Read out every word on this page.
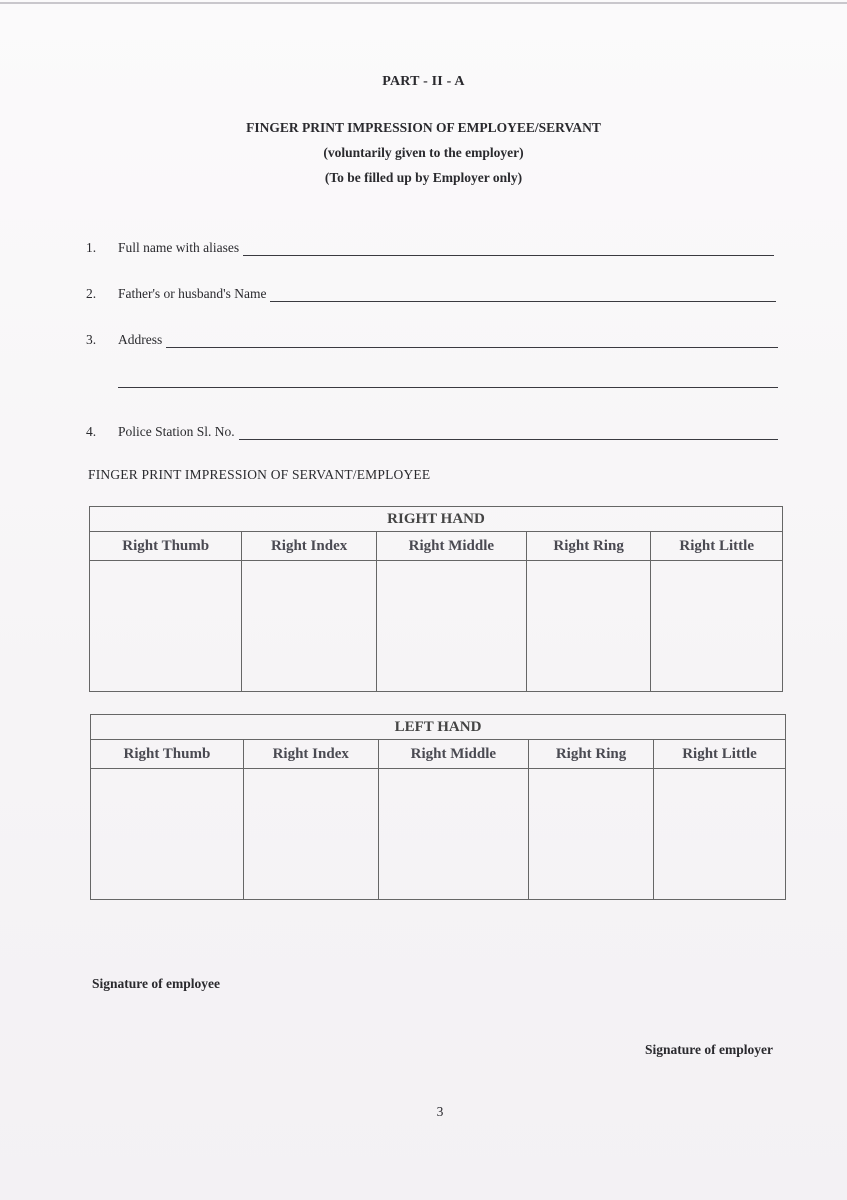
PART - II - A
FINGER PRINT IMPRESSION OF EMPLOYEE/SERVANT
(voluntarily given to the employer)
(To be filled up by Employer only)
1.	Full name with aliases
2.	Father's or husband's Name
3.	Address
4.	Police Station Sl. No.
FINGER PRINT IMPRESSION OF SERVANT/EMPLOYEE
RIGHT HAND				
Right Thumb	Right Index	Right Middle	Right Ring	Right Little

LEFT HAND				
Right Thumb	Right Index	Right Middle	Right Ring	Right Little

Signature of employee
Signature of employer
3
